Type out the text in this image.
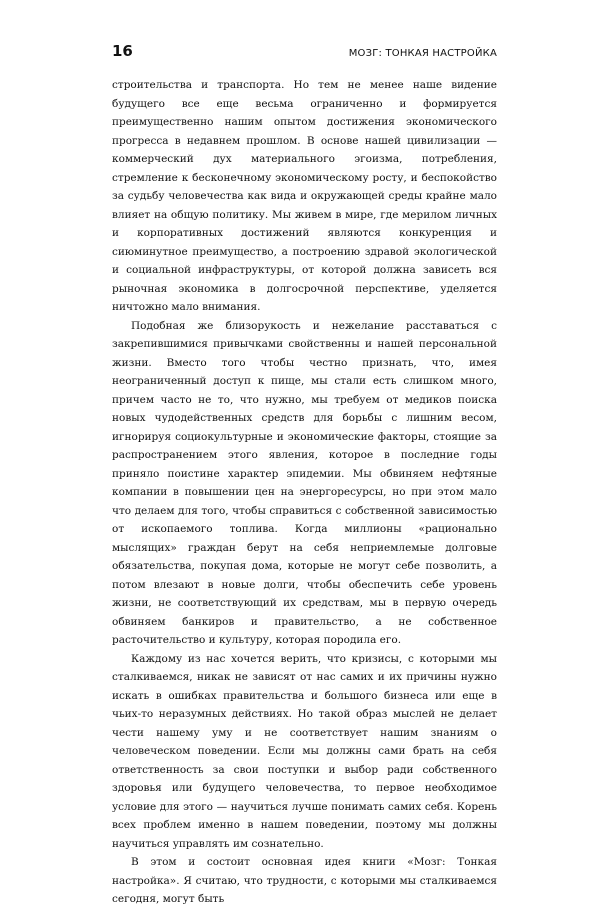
16	МОЗГ: ТОНКАЯ НАСТРОЙКА

строительства и транспорта. Но тем не менее наше видение будущего все еще весьма ограниченно и формируется преимущественно нашим опытом достижения экономического прогресса в недавнем прошлом. В основе нашей цивилизации — коммерческий дух материального эгоизма, потребления, стремление к бесконечному экономическому росту, и беспокойство за судьбу человечества как вида и окружающей среды крайне мало влияет на общую политику. Мы живем в мире, где мерилом личных и корпоративных достижений являются конкуренция и сиюминутное преимущество, а построению здравой экологической и социальной инфраструктуры, от которой должна зависеть вся рыночная экономика в долгосрочной перспективе, уделяется ничтожно мало внимания.

Подобная же близорукость и нежелание расставаться с закрепившимися привычками свойственны и нашей персональной жизни. Вместо того чтобы честно признать, что, имея неограниченный доступ к пище, мы стали есть слишком много, причем часто не то, что нужно, мы требуем от медиков поиска новых чудодейственных средств для борьбы с лишним весом, игнорируя социокультурные и экономические факторы, стоящие за распространением этого явления, которое в последние годы приняло поистине характер эпидемии. Мы обвиняем нефтяные компании в повышении цен на энергоресурсы, но при этом мало что делаем для того, чтобы справиться с собственной зависимостью от ископаемого топлива. Когда миллионы «рационально мыслящих» граждан берут на себя неприемлемые долговые обязательства, покупая дома, которые не могут себе позволить, а потом влезают в новые долги, чтобы обеспечить себе уровень жизни, не соответствующий их средствам, мы в первую очередь обвиняем банкиров и правительство, а не собственное расточительство и культуру, которая породила его.

Каждому из нас хочется верить, что кризисы, с которыми мы сталкиваемся, никак не зависят от нас самих и их причины нужно искать в ошибках правительства и большого бизнеса или еще в чьих-то неразумных действиях. Но такой образ мыслей не делает чести нашему уму и не соответствует нашим знаниям о человеческом поведении. Если мы должны сами брать на себя ответственность за свои поступки и выбор ради собственного здоровья или будущего человечества, то первое необходимое условие для этого — научиться лучше понимать самих себя. Корень всех проблем именно в нашем поведении, поэтому мы должны научиться управлять им сознательно.

В этом и состоит основная идея книги «Мозг: Тонкая настройка». Я считаю, что трудности, с которыми мы сталкиваемся сегодня, могут быть
